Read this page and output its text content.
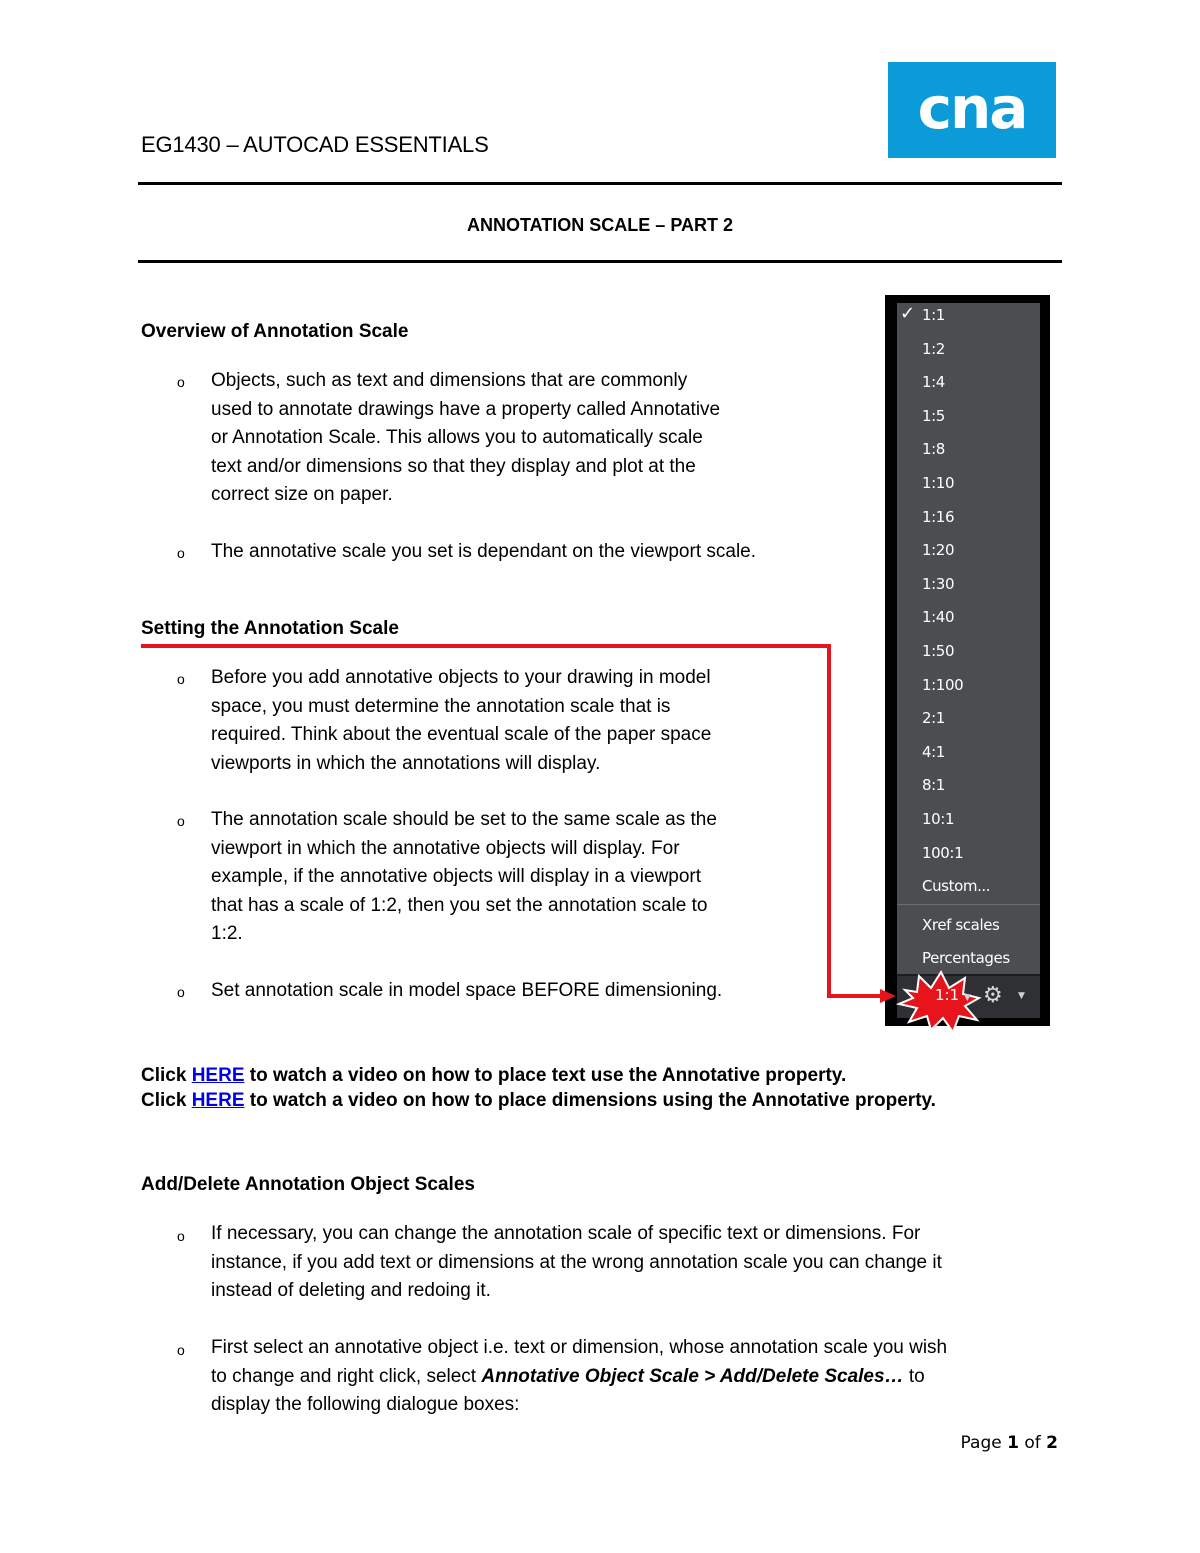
EG1430 – AUTOCAD ESSENTIALS
cna
ANNOTATION SCALE – PART 2
Overview of Annotation Scale
o Objects, such as text and dimensions that are commonly
used to annotate drawings have a property called Annotative
or Annotation Scale. This allows you to automatically scale
text and/or dimensions so that they display and plot at the
correct size on paper.
o The annotative scale you set is dependant on the viewport scale.
Setting the Annotation Scale
o Before you add annotative objects to your drawing in model
space, you must determine the annotation scale that is
required. Think about the eventual scale of the paper space
viewports in which the annotations will display.
o The annotation scale should be set to the same scale as the
viewport in which the annotative objects will display. For
example, if the annotative objects will display in a viewport
that has a scale of 1:2, then you set the annotation scale to
1:2.
o Set annotation scale in model space BEFORE dimensioning.
Click HERE to watch a video on how to place text use the Annotative property.
Click HERE to watch a video on how to place dimensions using the Annotative property.
Add/Delete Annotation Object Scales
o If necessary, you can change the annotation scale of specific text or dimensions. For
instance, if you add text or dimensions at the wrong annotation scale you can change it
instead of deleting and redoing it.
o First select an annotative object i.e. text or dimension, whose annotation scale you wish
to change and right click, select Annotative Object Scale > Add/Delete Scales… to
display the following dialogue boxes:
✓ 1:1
1:2
1:4
1:5
1:8
1:10
1:16
1:20
1:30
1:40
1:50
1:100
2:1
4:1
8:1
10:1
100:1
Custom...
Xref scales
Percentages
1:1 ▼ ⚙ ▼
Page 1 of 2
